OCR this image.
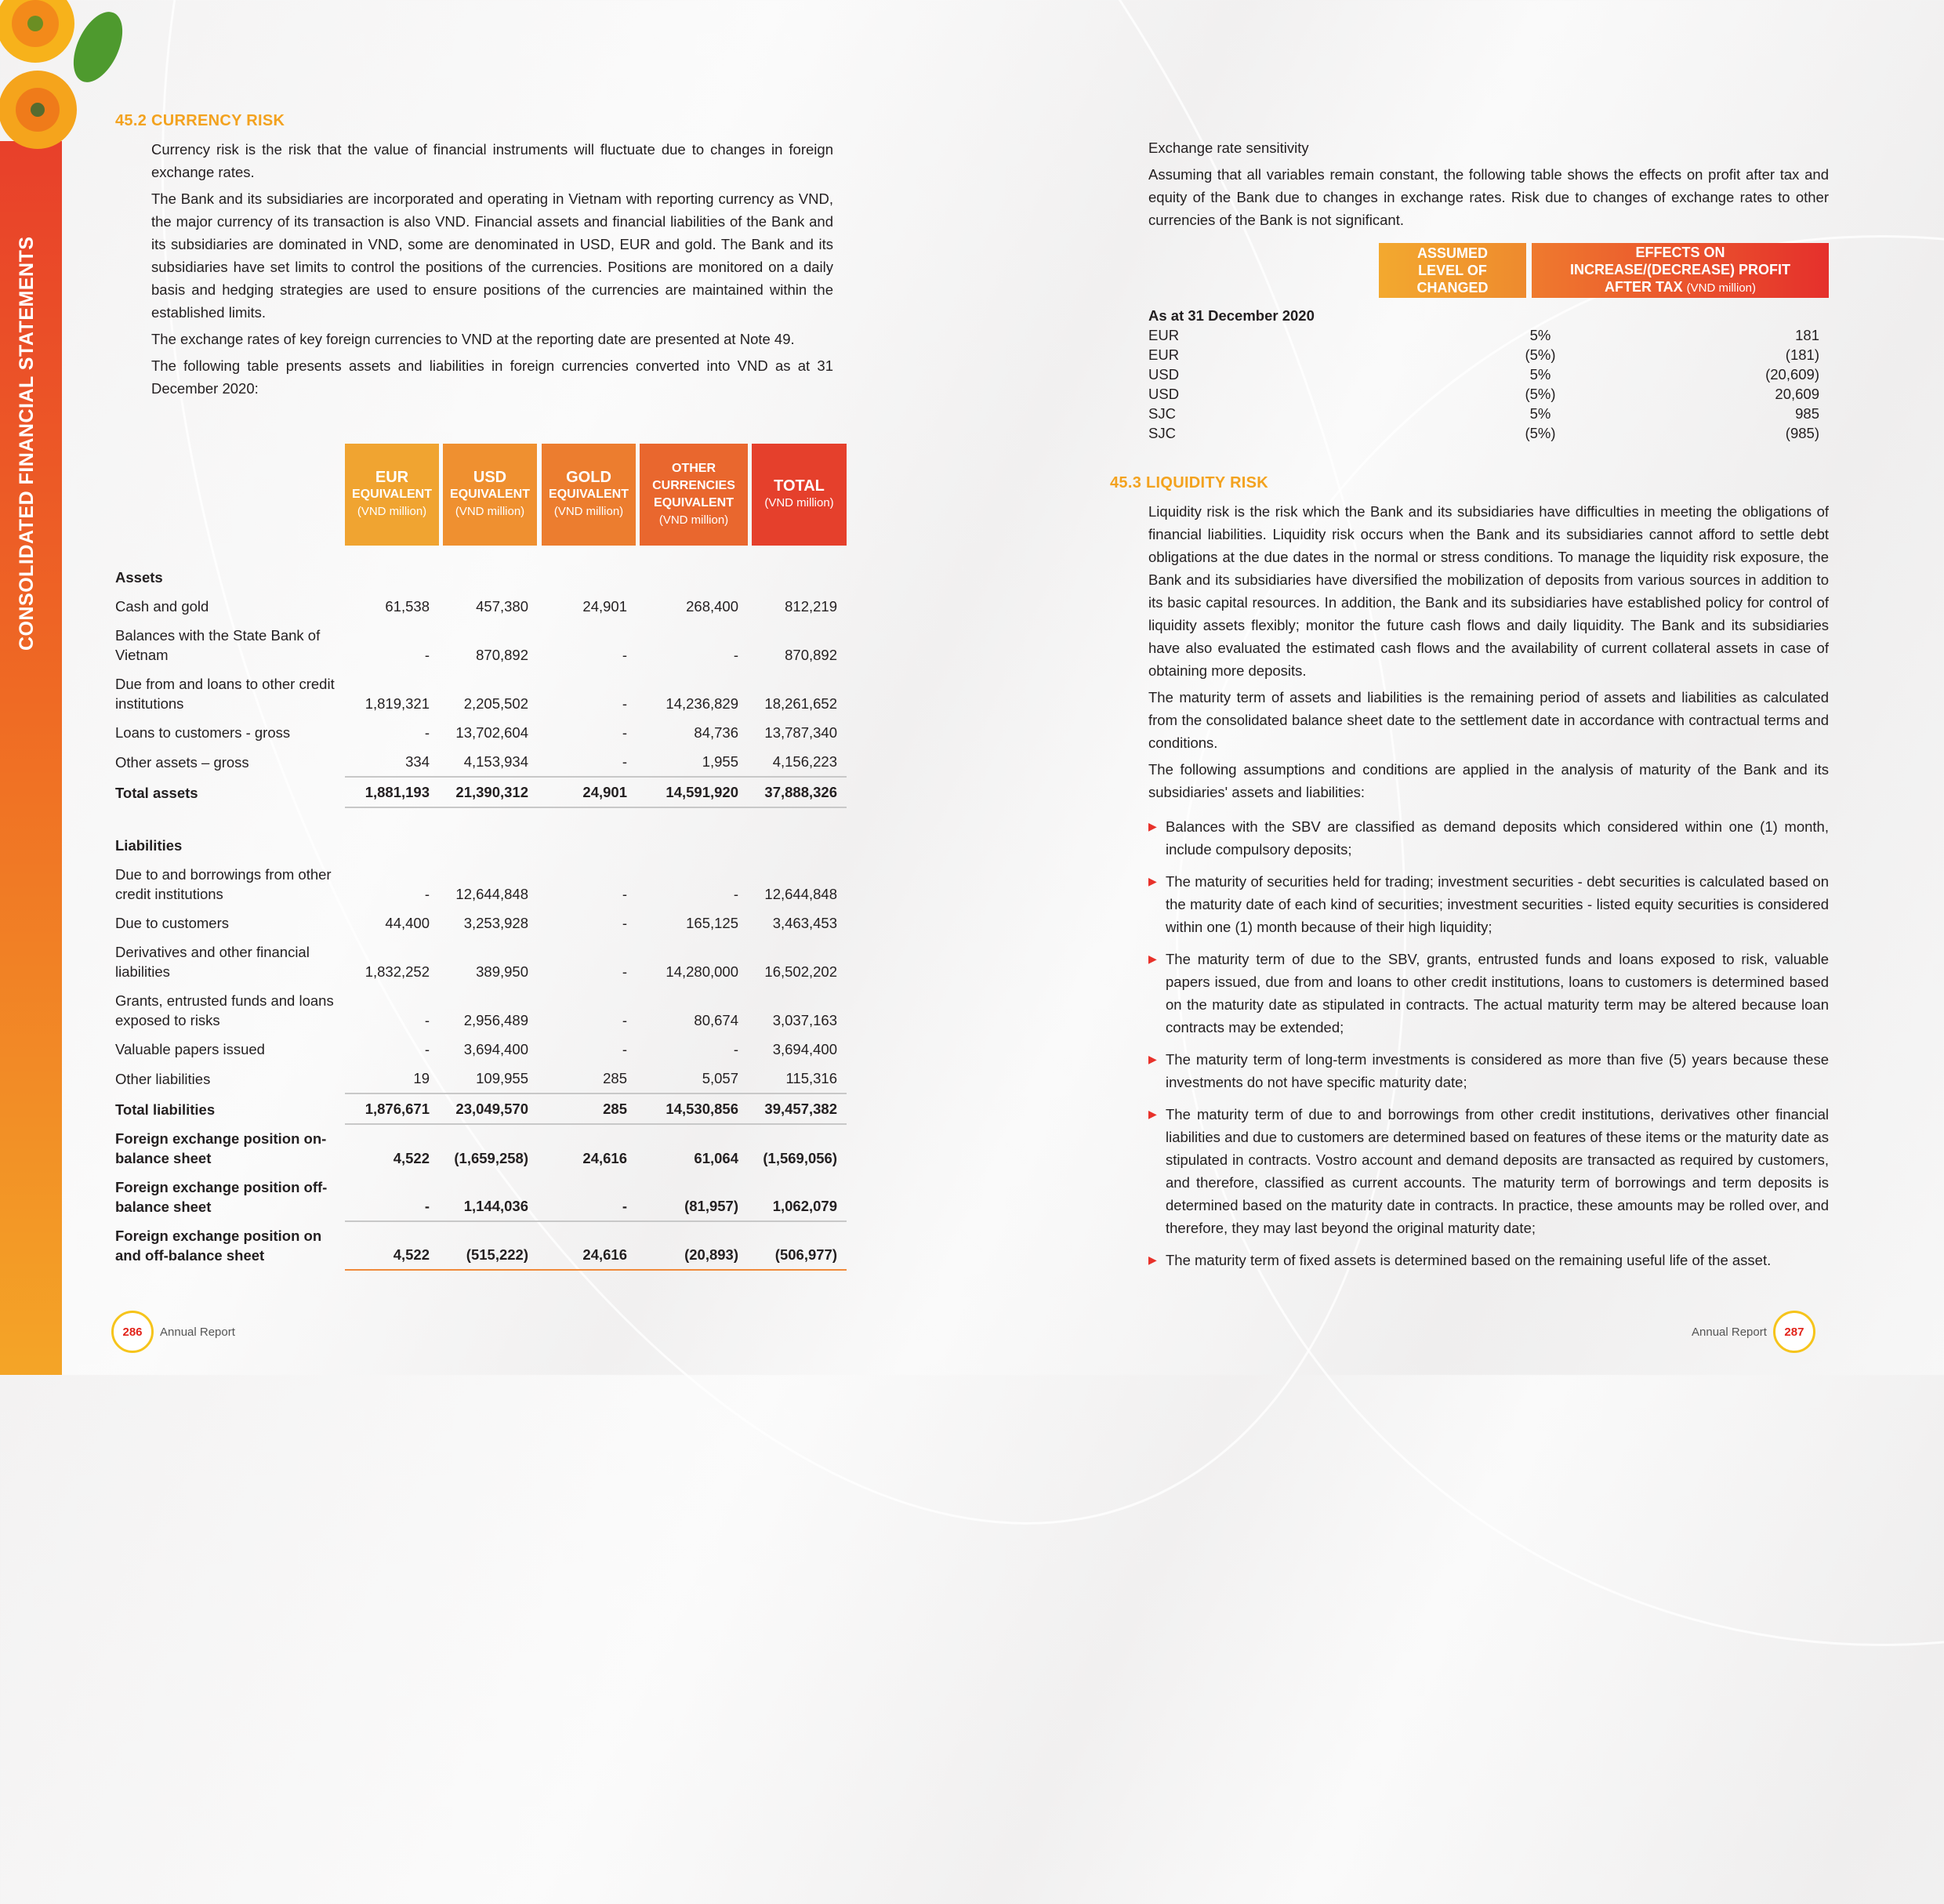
CONSOLIDATED FINANCIAL STATEMENTS
45.2 CURRENCY RISK

Currency risk is the risk that the value of financial instruments will fluctuate due to changes in foreign exchange rates.

The Bank and its subsidiaries are incorporated and operating in Vietnam with reporting currency as VND, the major currency of its transaction is also VND. Financial assets and financial liabilities of the Bank and its subsidiaries are dominated in VND, some are denominated in USD, EUR and gold. The Bank and its subsidiaries have set limits to control the positions of the currencies. Positions are monitored on a daily basis and hedging strategies are used to ensure positions of the currencies are maintained within the established limits.

The exchange rates of key foreign currencies to VND at the reporting date are presented at Note 49.

The following table presents assets and liabilities in foreign currencies converted into VND as at 31 December 2020:

EUR
EQUIVALENT
(VND million)
USD
EQUIVALENT
(VND million)
GOLD
EQUIVALENT
(VND million)
OTHER CURRENCIES
EQUIVALENT
(VND million)
TOTAL
(VND million)
Assets					
Cash and gold	61,538	457,380	24,901	268,400	812,219
Balances with the State Bank of Vietnam	-	870,892	-	-	870,892
Due from and loans to other credit institutions	1,819,321	2,205,502	-	14,236,829	18,261,652
Loans to customers - gross	-	13,702,604	-	84,736	13,787,340
Other assets – gross	334	4,153,934	-	1,955	4,156,223
Total assets	1,881,193	21,390,312	24,901	14,591,920	37,888,326

Liabilities					
Due to and borrowings from other credit institutions	-	12,644,848	-	-	12,644,848
Due to customers	44,400	3,253,928	-	165,125	3,463,453
Derivatives and other financial liabilities	1,832,252	389,950	-	14,280,000	16,502,202
Grants, entrusted funds and loans exposed to risks	-	2,956,489	-	80,674	3,037,163
Valuable papers issued	-	3,694,400	-	-	3,694,400
Other liabilities	19	109,955	285	5,057	115,316
Total liabilities	1,876,671	23,049,570	285	14,530,856	39,457,382
Foreign exchange position on-balance sheet	4,522	(1,659,258)	24,616	61,064	(1,569,056)
Foreign exchange position off-balance sheet	-	1,144,036	-	(81,957)	1,062,079
Foreign exchange position on and off-balance sheet	4,522	(515,222)	24,616	(20,893)	(506,977)
286	Annual Report

Exchange rate sensitivity

Assuming that all variables remain constant, the following table shows the effects on profit after tax and equity of the Bank due to changes in exchange rates. Risk due to changes of exchange rates to other currencies of the Bank is not significant.

ASSUMED LEVEL OF CHANGED
EFFECTS ON INCREASE/(DECREASE) PROFIT AFTER TAX (VND million)
As at 31 December 2020		
EUR	5%	181
EUR	(5%)	(181)
USD	5%	(20,609)
USD	(5%)	20,609
SJC	5%	985
SJC	(5%)	(985)
45.3 LIQUIDITY RISK

Liquidity risk is the risk which the Bank and its subsidiaries have difficulties in meeting the obligations of financial liabilities. Liquidity risk occurs when the Bank and its subsidiaries cannot afford to settle debt obligations at the due dates in the normal or stress conditions. To manage the liquidity risk exposure, the Bank and its subsidiaries have diversified the mobilization of deposits from various sources in addition to its basic capital resources. In addition, the Bank and its subsidiaries have established policy for control of liquidity assets flexibly; monitor the future cash flows and daily liquidity. The Bank and its subsidiaries have also evaluated the estimated cash flows and the availability of current collateral assets in case of obtaining more deposits.

The maturity term of assets and liabilities is the remaining period of assets and liabilities as calculated from the consolidated balance sheet date to the settlement date in accordance with contractual terms and conditions.

The following assumptions and conditions are applied in the analysis of maturity of the Bank and its subsidiaries' assets and liabilities:

▶ Balances with the SBV are classified as demand deposits which considered within one (1) month, include compulsory deposits;
▶ The maturity of securities held for trading; investment securities - debt securities is calculated based on the maturity date of each kind of securities; investment securities - listed equity securities is considered within one (1) month because of their high liquidity;
▶ The maturity term of due to the SBV, grants, entrusted funds and loans exposed to risk, valuable papers issued, due from and loans to other credit institutions, loans to customers is determined based on the maturity date as stipulated in contracts. The actual maturity term may be altered because loan contracts may be extended;
▶ The maturity term of long-term investments is considered as more than five (5) years because these investments do not have specific maturity date;
▶ The maturity term of due to and borrowings from other credit institutions, derivatives other financial liabilities and due to customers are determined based on features of these items or the maturity date as stipulated in contracts. Vostro account and demand deposits are transacted as required by customers, and therefore, classified as current accounts. The maturity term of borrowings and term deposits is determined based on the maturity date in contracts. In practice, these amounts may be rolled over, and therefore, they may last beyond the original maturity date;
▶ The maturity term of fixed assets is determined based on the remaining useful life of the asset.
Annual Report	287
